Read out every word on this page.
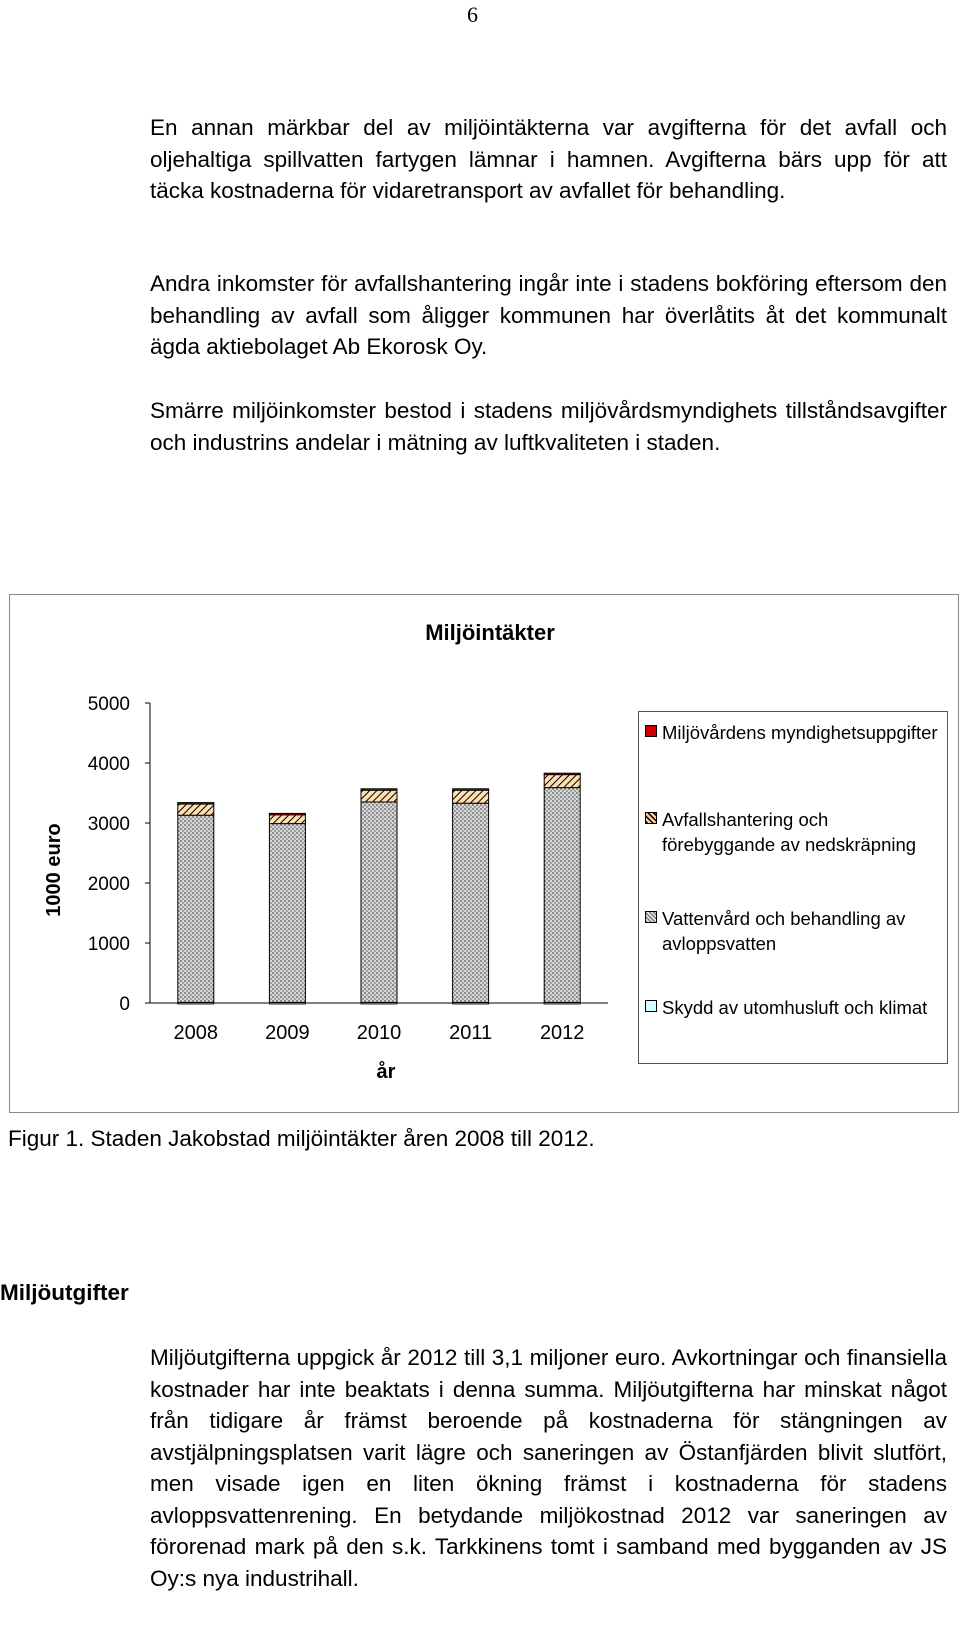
6

En annan märkbar del av miljöintäkterna var avgifterna för det avfall och oljehaltiga spillvatten fartygen lämnar i hamnen. Avgifterna bärs upp för att täcka kostnaderna för vidaretransport av avfallet för behandling.

Andra inkomster för avfallshantering ingår inte i stadens bokföring eftersom den behandling av avfall som åligger kommunen har överlåtits åt det kommunalt ägda aktiebolaget Ab Ekorosk Oy.

Smärre miljöinkomster bestod i stadens miljövårdsmyndighets tillståndsavgifter och industrins andelar i mätning av luftkvaliteten i staden.

Miljöintäkter
1000 euro
år
0
1000
2000
3000
4000
5000
2008 2009 2010 2011 2012
Miljövårdens myndighetsuppgifter
Avfallshantering och förebyggande av nedskräpning
Vattenvård och behandling av avloppsvatten
Skydd av utomhusluft och klimat
Figur 1. Staden Jakobstad miljöintäkter åren 2008 till 2012.
Miljöutgifter

Miljöutgifterna uppgick år 2012 till 3,1 miljoner euro. Avkortningar och finansiella kostnader har inte beaktats i denna summa. Miljöutgifterna har minskat något från tidigare år främst beroende på kostnaderna för stängningen av avstjälpningsplatsen varit lägre och saneringen av Östanfjärden blivit slutfört, men visade igen en liten ökning främst i kostnaderna för stadens avloppsvattenrening. En betydande miljökostnad 2012 var saneringen av förorenad mark på den s.k. Tarkkinens tomt i samband med bygganden av JS Oy:s nya industrihall.
